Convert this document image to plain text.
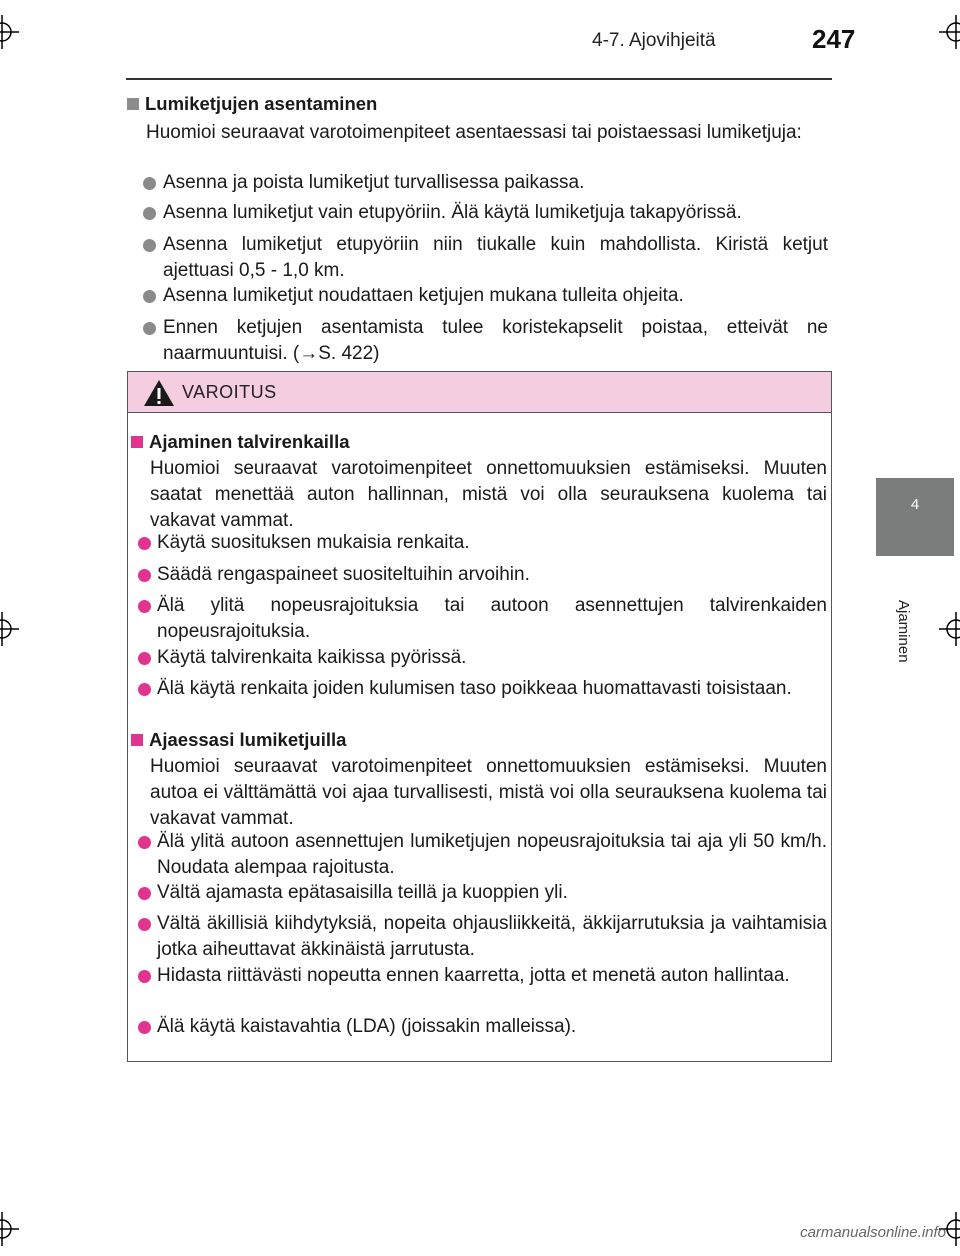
4-7. Ajovihjeitä	247
4
Ajaminen
Lumiketjujen asentaminen
Huomioi seuraavat varotoimenpiteet asentaessasi tai poistaessasi lumiketjuja:
Asenna ja poista lumiketjut turvallisessa paikassa.
Asenna lumiketjut vain etupyöriin. Älä käytä lumiketjuja takapyörissä.
Asenna lumiketjut etupyöriin niin tiukalle kuin mahdollista. Kiristä ketjut ajettuasi 0,5 - 1,0 km.
Asenna lumiketjut noudattaen ketjujen mukana tulleita ohjeita.
Ennen ketjujen asentamista tulee koristekapselit poistaa, etteivät ne naarmuuntuisi. (→S. 422)
VAROITUS
Ajaminen talvirenkailla
Huomioi seuraavat varotoimenpiteet onnettomuuksien estämiseksi. Muuten saatat menettää auton hallinnan, mistä voi olla seurauksena kuolema tai vakavat vammat.
Käytä suosituksen mukaisia renkaita.
Säädä rengaspaineet suositeltuihin arvoihin.
Älä ylitä nopeusrajoituksia tai autoon asennettujen talvirenkaiden nopeusrajoituksia.
Käytä talvirenkaita kaikissa pyörissä.
Älä käytä renkaita joiden kulumisen taso poikkeaa huomattavasti toisistaan.
Ajaessasi lumiketjuilla
Huomioi seuraavat varotoimenpiteet onnettomuuksien estämiseksi. Muuten autoa ei välttämättä voi ajaa turvallisesti, mistä voi olla seurauksena kuolema tai vakavat vammat.
Älä ylitä autoon asennettujen lumiketjujen nopeusrajoituksia tai aja yli 50 km/h. Noudata alempaa rajoitusta.
Vältä ajamasta epätasaisilla teillä ja kuoppien yli.
Vältä äkillisiä kiihdytyksiä, nopeita ohjausliikkeitä, äkkijarrutuksia ja vaihtamisia jotka aiheuttavat äkkinäistä jarrutusta.
Hidasta riittävästi nopeutta ennen kaarretta, jotta et menetä auton hallintaa.
Älä käytä kaistavahtia (LDA) (joissakin malleissa).
carmanualsonline.info
